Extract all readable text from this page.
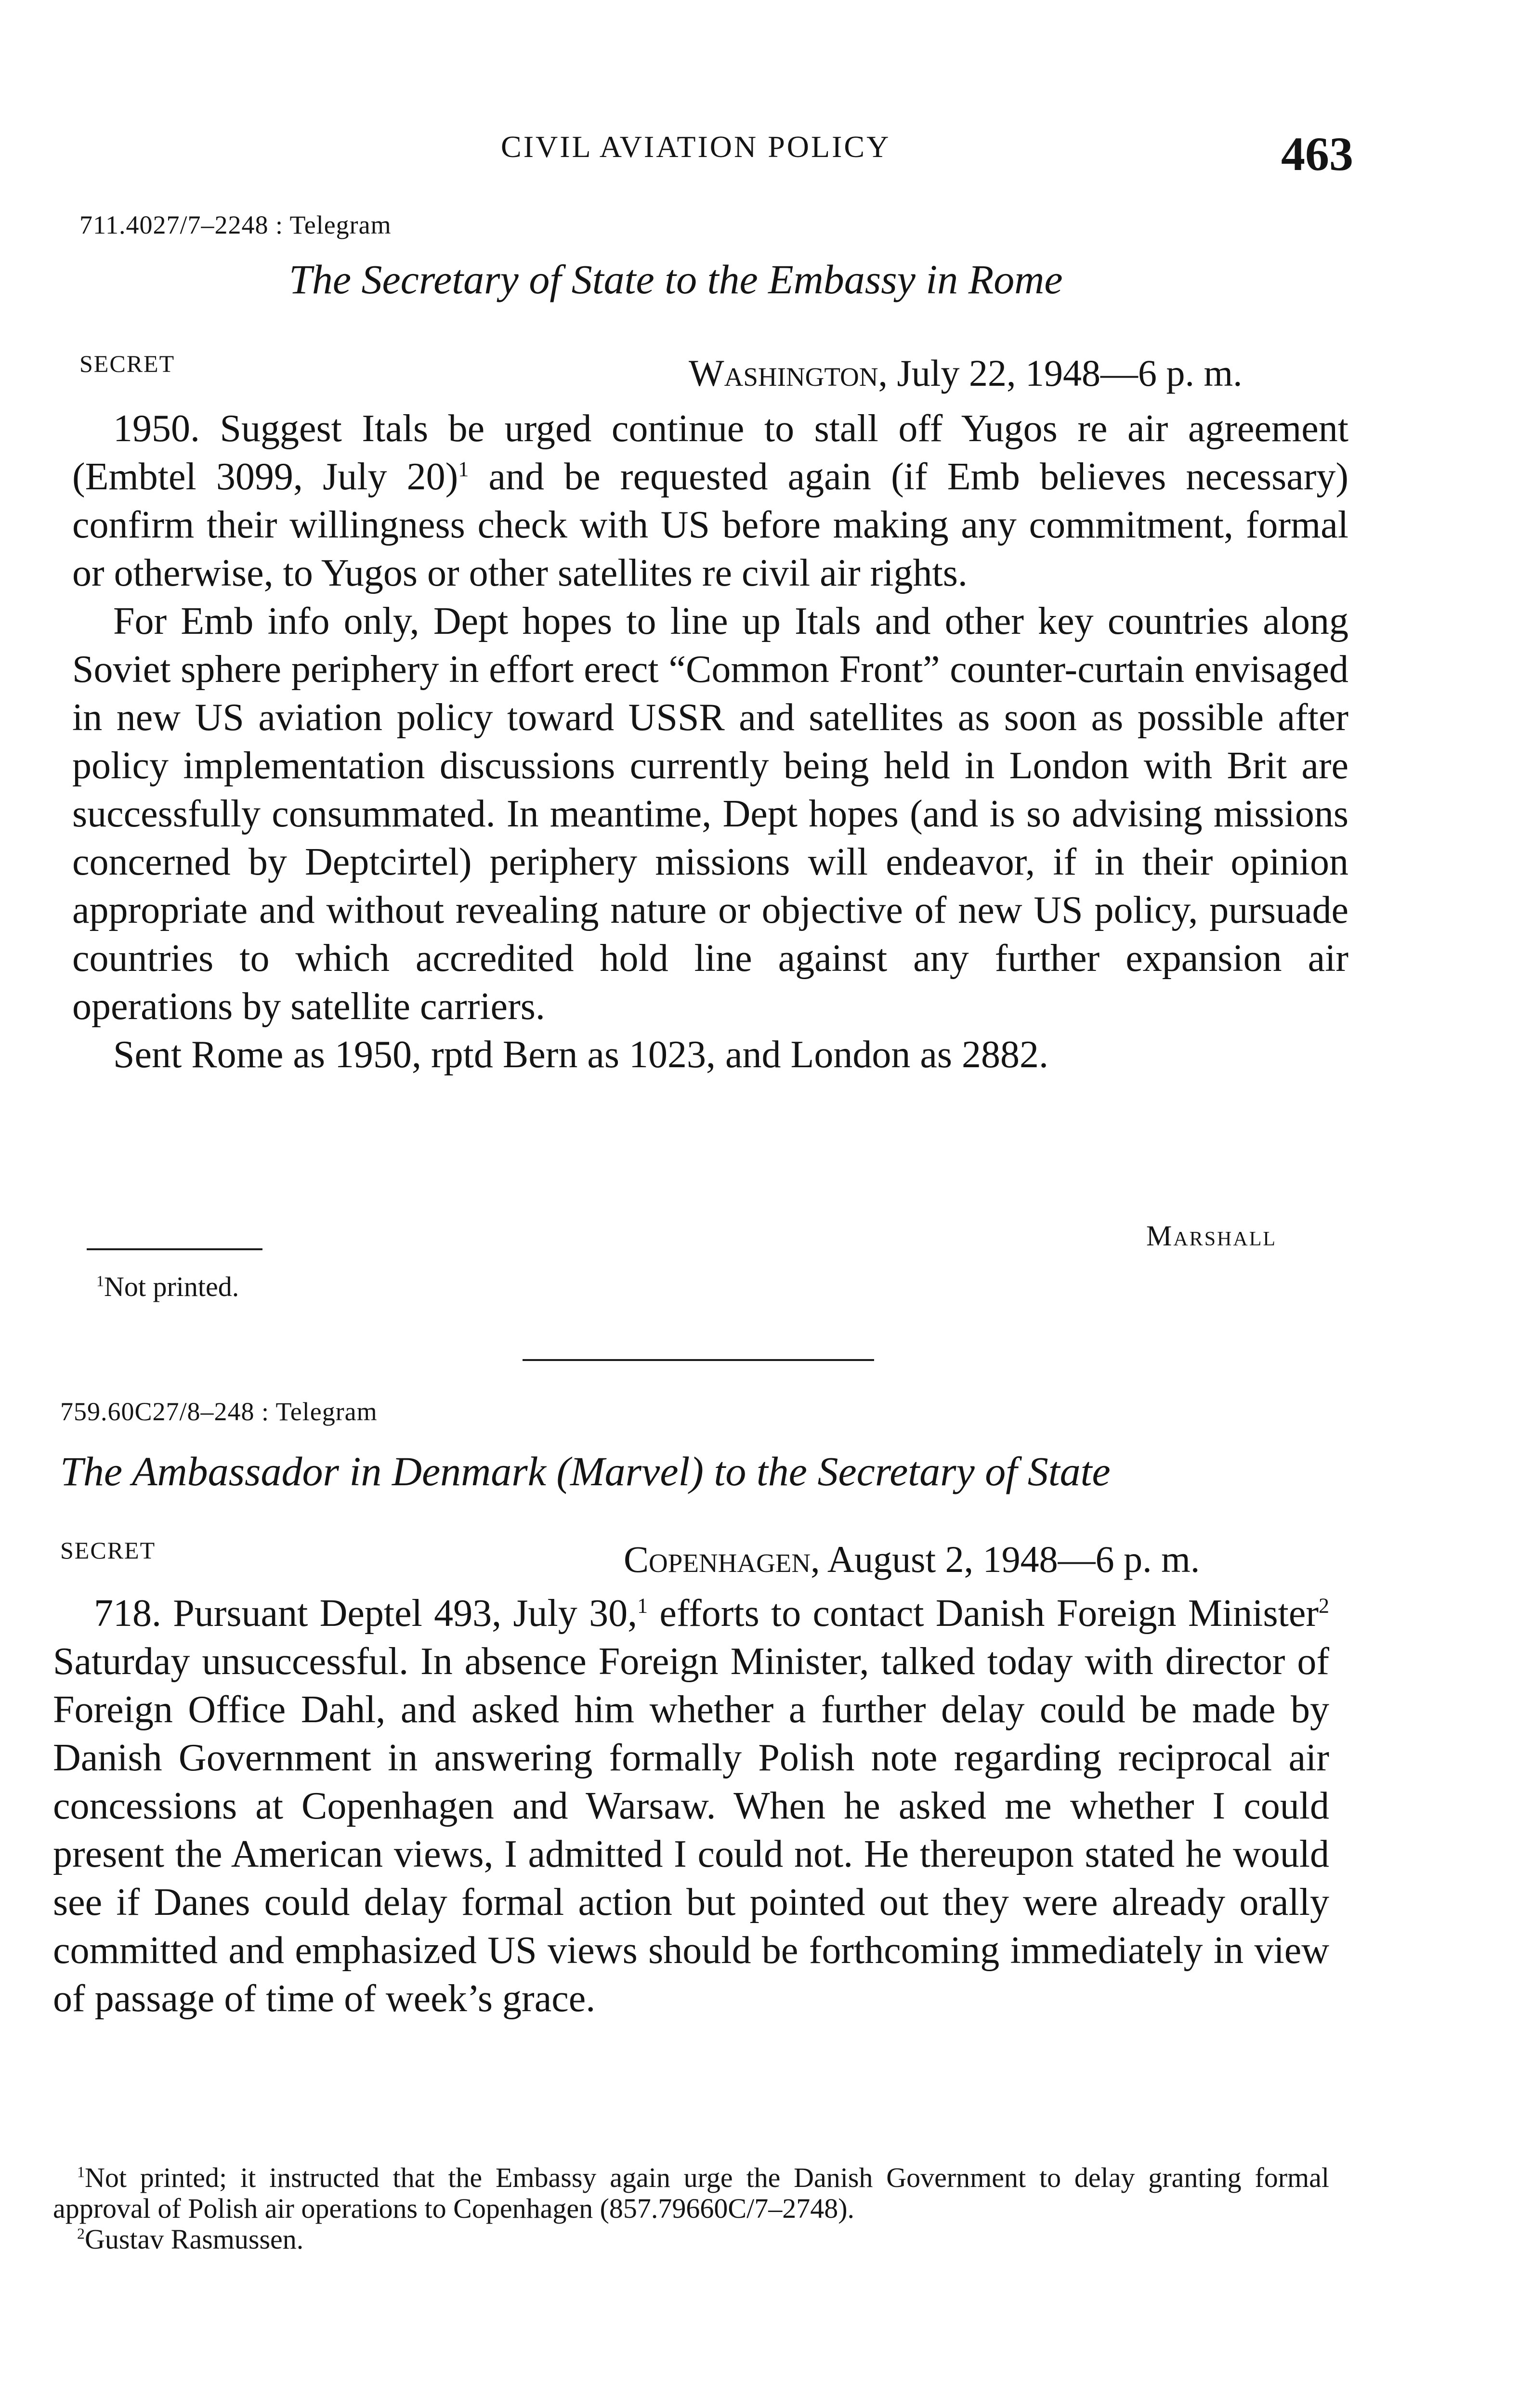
CIVIL AVIATION POLICY	463
711.4027/7–2248 : Telegram
The Secretary of State to the Embassy in Rome
SECRET	Washington, July 22, 1948—6 p. m.

1950. Suggest Itals be urged continue to stall off Yugos re air agreement (Embtel 3099, July 20)$^1$ and be requested again (if Emb believes necessary) confirm their willingness check with US before making any commitment, formal or otherwise, to Yugos or other satellites re civil air rights.

For Emb info only, Dept hopes to line up Itals and other key countries along Soviet sphere periphery in effort erect “Common Front” counter-curtain envisaged in new US aviation policy toward USSR and satellites as soon as possible after policy implementation discussions currently being held in London with Brit are successfully consummated. In meantime, Dept hopes (and is so advising missions concerned by Deptcirtel) periphery missions will endeavor, if in their opinion appropriate and without revealing nature or objective of new US policy, pursuade countries to which accredited hold line against any further expansion air operations by satellite carriers.

Sent Rome as 1950, rptd Bern as 1023, and London as 2882.

Marshall
$^1$Not printed.
759.60C27/8–248 : Telegram
The Ambassador in Denmark (Marvel) to the Secretary of State
SECRET	Copenhagen, August 2, 1948—6 p. m.

718. Pursuant Deptel 493, July 30,$^1$ efforts to contact Danish Foreign Minister$^2$ Saturday unsuccessful. In absence Foreign Minister, talked today with director of Foreign Office Dahl, and asked him whether a further delay could be made by Danish Government in answering formally Polish note regarding reciprocal air concessions at Copenhagen and Warsaw. When he asked me whether I could present the American views, I admitted I could not. He thereupon stated he would see if Danes could delay formal action but pointed out they were already orally committed and emphasized US views should be forthcoming immediately in view of passage of time of week’s grace.

$^1$Not printed; it instructed that the Embassy again urge the Danish Government to delay granting formal approval of Polish air operations to Copenhagen (857.79660C/7–2748).
$^2$Gustav Rasmussen.
